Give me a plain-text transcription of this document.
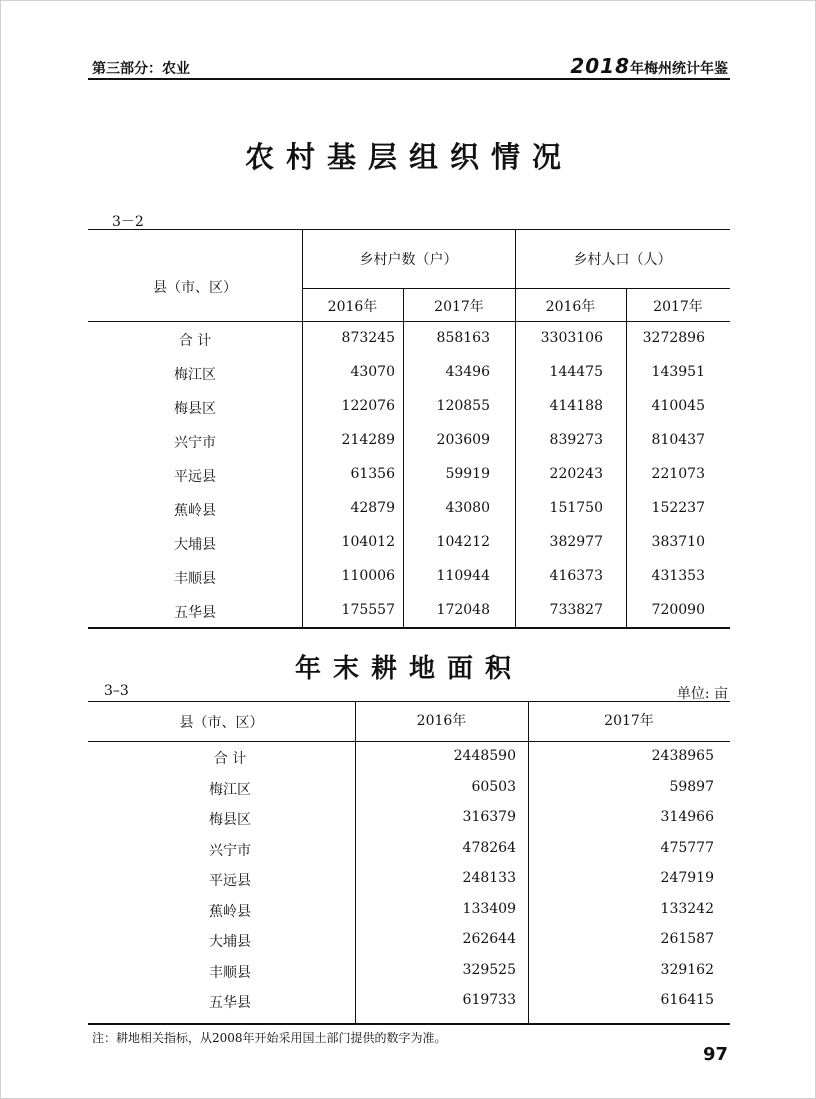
第三部分：农业	2018年梅州统计年鉴
农村基层组织情况
3－2
县（市、区）
乡村户数（户）	乡村人口（人）
2016年	2017年	2016年	2017年
合 计	873245	858163	3303106	3272896
梅江区	43070	43496	144475	143951
梅县区	122076	120855	414188	410045
兴宁市	214289	203609	839273	810437
平远县	61356	59919	220243	221073
蕉岭县	42879	43080	151750	152237
大埔县	104012	104212	382977	383710
丰顺县	110006	110944	416373	431353
五华县	175557	172048	733827	720090
年末耕地面积
3–3	单位: 亩
县（市、区）	2016年	2017年
合 计	2448590	2438965
梅江区	60503	59897
梅县区	316379	314966
兴宁市	478264	475777
平远县	248133	247919
蕉岭县	133409	133242
大埔县	262644	261587
丰顺县	329525	329162
五华县	619733	616415
注：耕地相关指标，从2008年开始采用国土部门提供的数字为准。
97
